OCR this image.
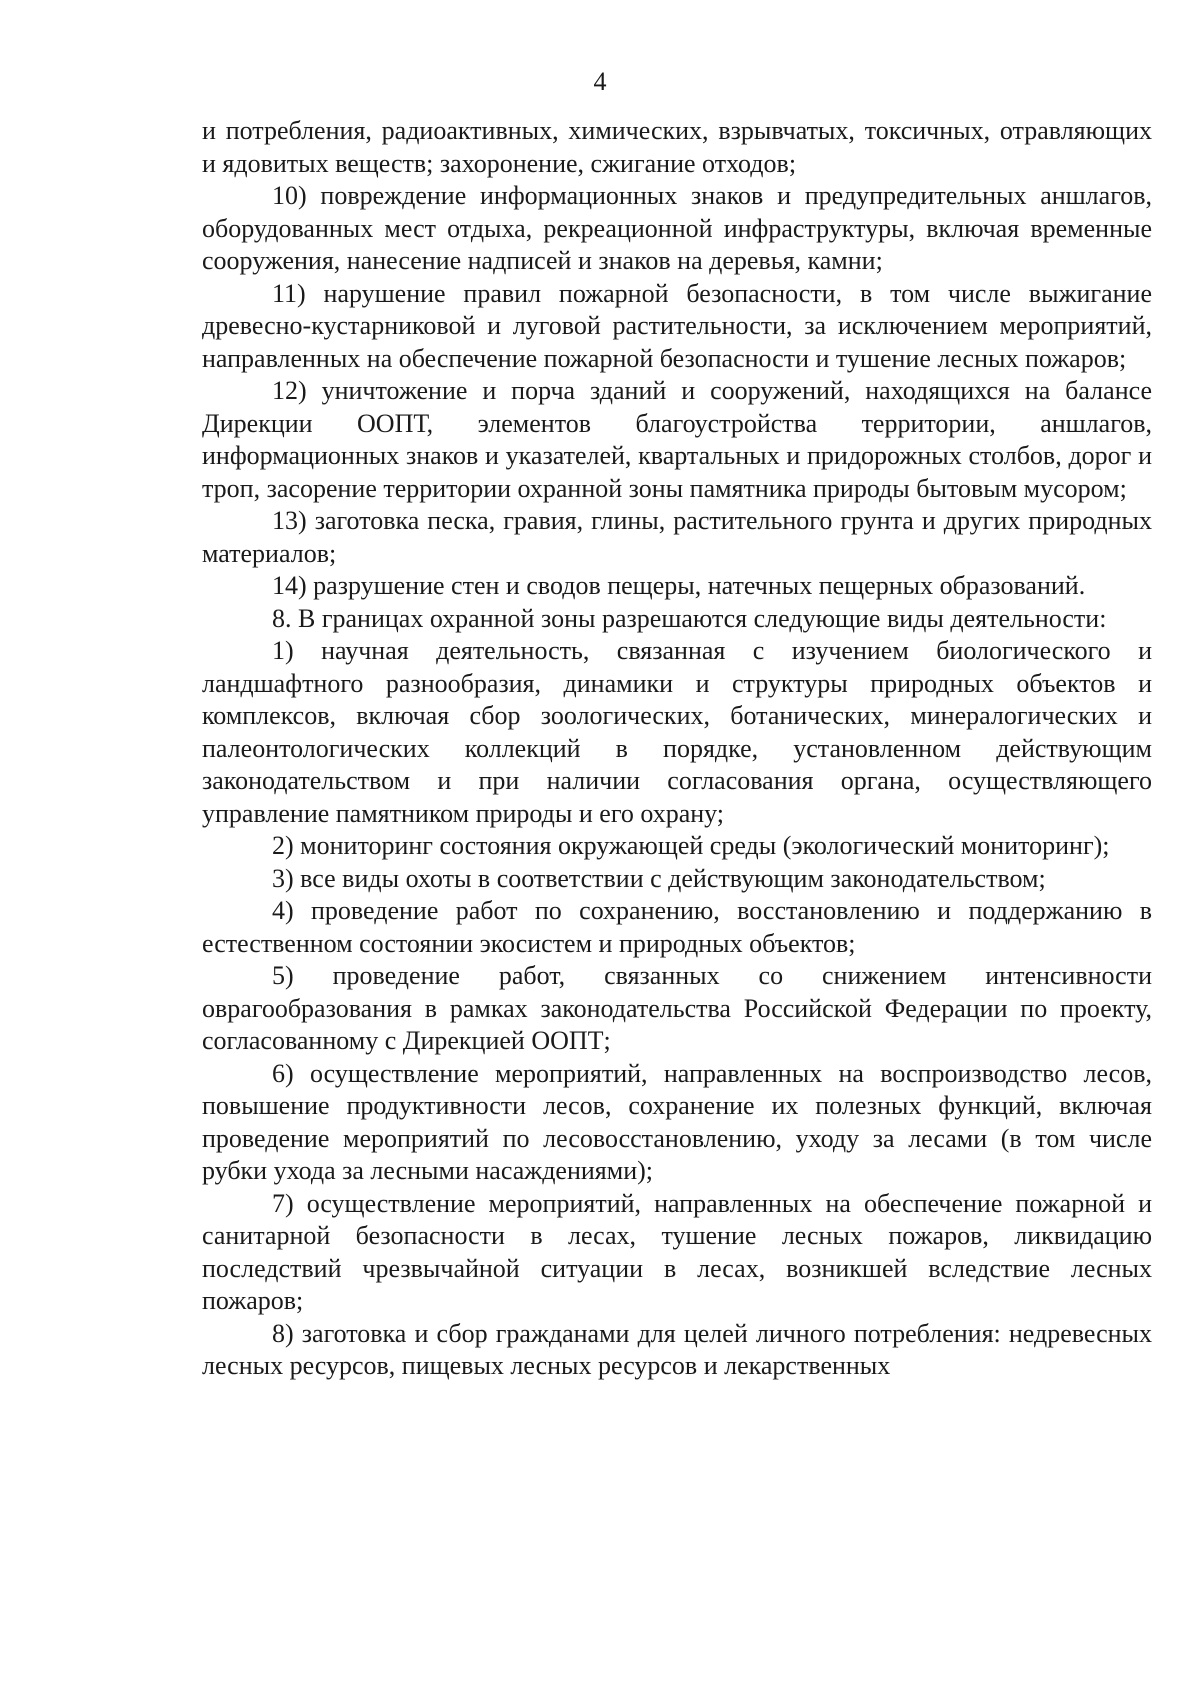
4

и потребления, радиоактивных, химических, взрывчатых, токсичных, отравляющих и ядовитых веществ; захоронение, сжигание отходов;

10) повреждение информационных знаков и предупредительных аншлагов, оборудованных мест отдыха, рекреационной инфраструктуры, включая временные сооружения, нанесение надписей и знаков на деревья, камни;

11) нарушение правил пожарной безопасности, в том числе выжигание древесно-кустарниковой и луговой растительности, за исключением мероприятий, направленных на обеспечение пожарной безопасности и тушение лесных пожаров;

12) уничтожение и порча зданий и сооружений, находящихся на балансе Дирекции ООПТ, элементов благоустройства территории, аншлагов, информационных знаков и указателей, квартальных и придорожных столбов, дорог и троп, засорение территории охранной зоны памятника природы бытовым мусором;

13) заготовка песка, гравия, глины, растительного грунта и других природных материалов;

14) разрушение стен и сводов пещеры, натечных пещерных образований.

8. В границах охранной зоны разрешаются следующие виды деятельности:

1) научная деятельность, связанная с изучением биологического и ландшафтного разнообразия, динамики и структуры природных объектов и комплексов, включая сбор зоологических, ботанических, минералогических и палеонтологических коллекций в порядке, установленном действующим законодательством и при наличии согласования органа, осуществляющего управление памятником природы и его охрану;

2) мониторинг состояния окружающей среды (экологический мониторинг);

3) все виды охоты в соответствии с действующим законодательством;

4) проведение работ по сохранению, восстановлению и поддержанию в естественном состоянии экосистем и природных объектов;

5) проведение работ, связанных со снижением интенсивности оврагообразования в рамках законодательства Российской Федерации по проекту, согласованному с Дирекцией ООПТ;

6) осуществление мероприятий, направленных на воспроизводство лесов, повышение продуктивности лесов, сохранение их полезных функций, включая проведение мероприятий по лесовосстановлению, уходу за лесами (в том числе рубки ухода за лесными насаждениями);

7) осуществление мероприятий, направленных на обеспечение пожарной и санитарной безопасности в лесах, тушение лесных пожаров, ликвидацию последствий чрезвычайной ситуации в лесах, возникшей вследствие лесных пожаров;

8) заготовка и сбор гражданами для целей личного потребления: недревесных лесных ресурсов, пищевых лесных ресурсов и лекарственных
